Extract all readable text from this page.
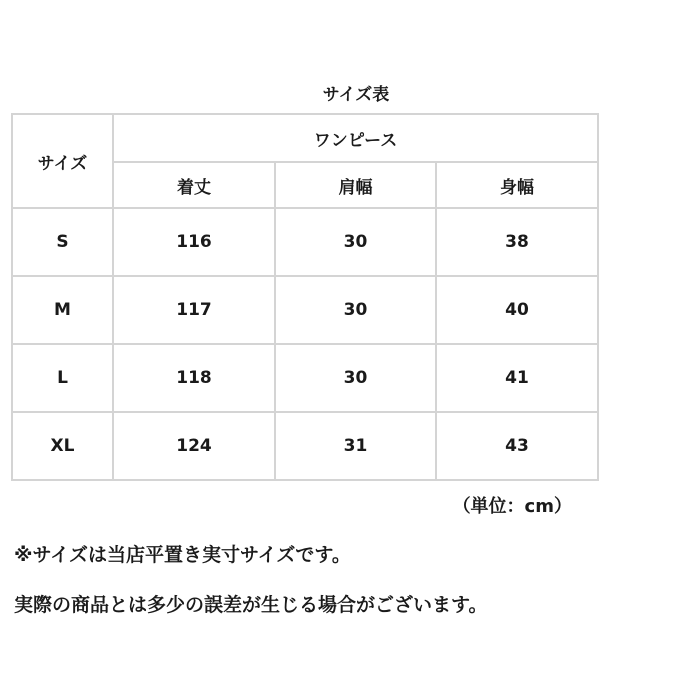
サイズ表
サイズ	ワンピース		
	着丈	肩幅	身幅
S	116	30	38
M	117	30	40
L	118	30	41
XL	124	31	43
（単位：cm）
※サイズは当店平置き実寸サイズです。
実際の商品とは多少の誤差が生じる場合がございます。
